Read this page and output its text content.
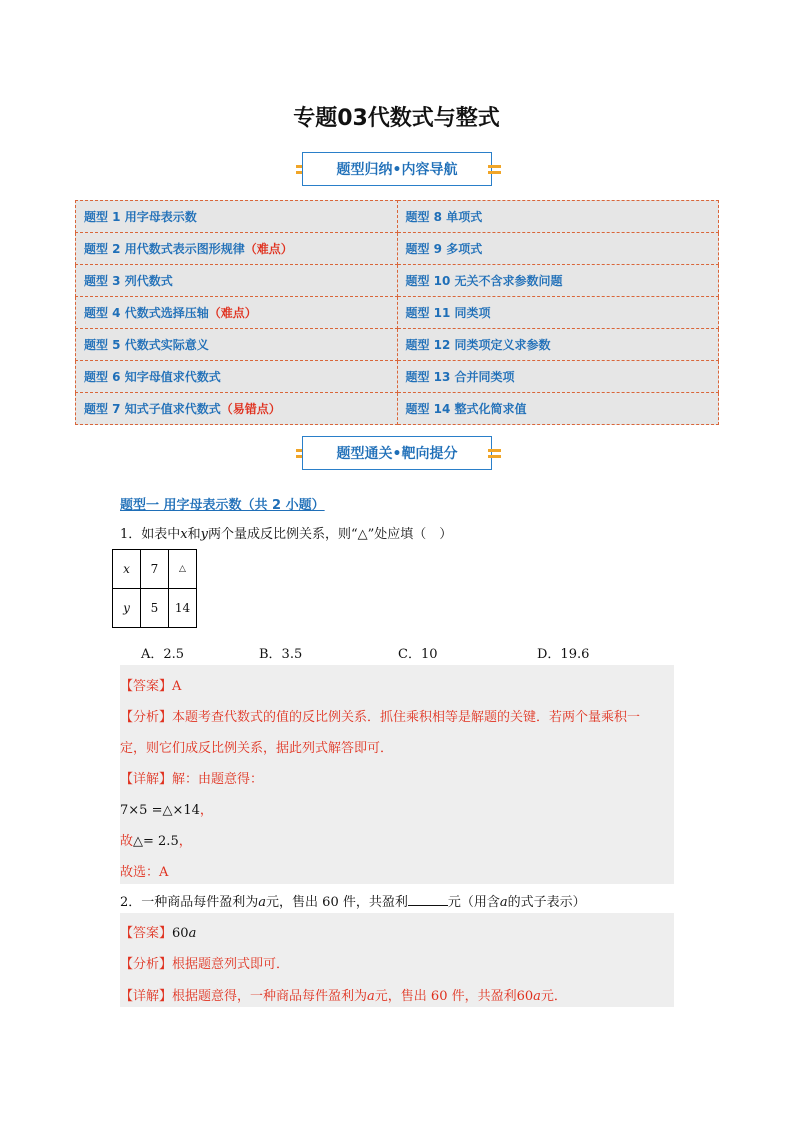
专题03代数式与整式
题型归纳•内容导航
题型 1 用字母表示数	题型 8 单项式
题型 2 用代数式表示图形规律（难点）	题型 9 多项式
题型 3 列代数式	题型 10 无关不含求参数问题
题型 4 代数式选择压轴（难点）	题型 11 同类项
题型 5 代数式实际意义	题型 12 同类项定义求参数
题型 6 知字母值求代数式	题型 13 合并同类项
题型 7 知式子值求代数式（易错点）	题型 14 整式化简求值
题型通关•靶向提分
题型一 用字母表示数（共 2 小题）
1．如表中x和y两个量成反比例关系，则“△”处应填（　）
x	7	△
y	5	14
A．2.5	B．3.5	C．10	D．19.6
【答案】A
【分析】本题考查代数式的值的反比例关系．抓住乘积相等是解题的关键．若两个量乘积一
定，则它们成反比例关系，据此列式解答即可．
【详解】解：由题意得：
7×5 =△×14，
故△= 2.5，
故选：A
2．一种商品每件盈利为a元，售出 60 件，共盈利	元（用含a的式子表示）
【答案】60a
【分析】根据题意列式即可．
【详解】根据题意得，一种商品每件盈利为a元，售出 60 件，共盈利60a元．
